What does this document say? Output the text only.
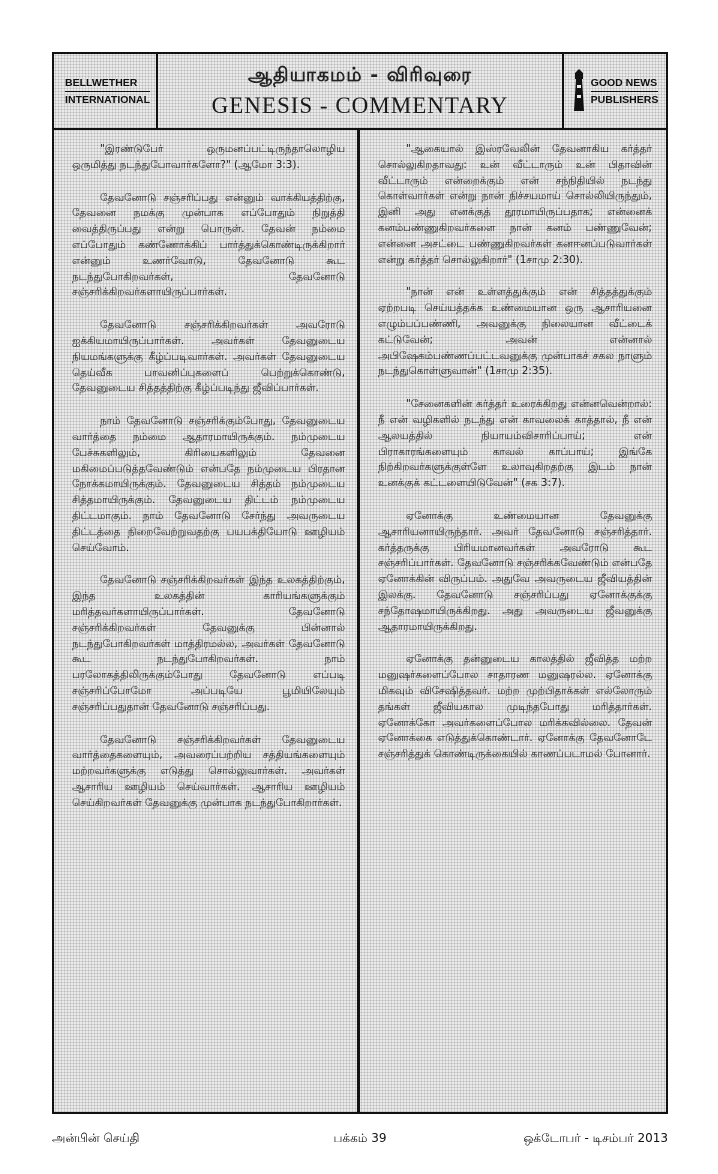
BELLWETHER
INTERNATIONAL
ஆதியாகமம் - விரிவுரை
GENESIS - COMMENTARY
GOOD NEWS
PUBLISHERS

"இரண்டுபேர் ஒருமனப்பட்டிருந்தாலொழிய ஒருமித்து நடந்துபோவார்களோ?" (ஆமோ 3:3).

தேவனோடு சஞ்சரிப்பது என்னும் வாக்கியத்திற்கு, தேவனை நமக்கு முன்பாக எப்போதும் நிறுத்தி வைத்திருப்பது என்று பொருள். தேவன் நம்மை எப்போதும் கண்ணோக்கிப் பார்த்துக்கொண்டிருக்கிறார் என்னும் உணர்வோடு, தேவனோடு கூட நடந்துபோகிறவர்கள், தேவனோடு சஞ்சரிக்கிறவர்களாயிருப்பார்கள்.

தேவனோடு சஞ்சரிக்கிறவர்கள் அவரோடு ஐக்கியமாயிருப்பார்கள். அவர்கள் தேவனுடைய நியமங்களுக்கு கீழ்ப்படிவார்கள். அவர்கள் தேவனுடைய தெய்வீக பாவனிப்புகளைப் பெற்றுக்கொண்டு, தேவனுடைய சித்தத்திற்கு கீழ்ப்படிந்து ஜீவிப்பார்கள்.

நாம் தேவனோடு சஞ்சரிக்கும்போது, தேவனுடைய வார்த்தை நம்மை ஆதாரமாயிருக்கும். நம்முடைய பேச்சுகளிலும், கிரியைகளிலும் தேவனை மகிமைப்படுத்தவேண்டும் என்பதே நம்முடைய பிரதான நோக்கமாயிருக்கும். தேவனுடைய சித்தம் நம்முடைய சித்தமாயிருக்கும். தேவனுடைய திட்டம் நம்முடைய திட்டமாகும். நாம் தேவனோடு சேர்ந்து அவருடைய திட்டத்தை நிறைவேற்றுவதற்கு பயபக்தியோடு ஊழியம் செய்வோம்.

தேவனோடு சஞ்சரிக்கிறவர்கள் இந்த உலகத்திற்கும், இந்த உலகத்தின் காரியங்களுக்கும் மரித்தவர்களாயிருப்பார்கள். தேவனோடு சஞ்சரிக்கிறவர்கள் தேவனுக்கு பின்னால் நடந்துபோகிறவர்கள் மாத்திரமல்ல, அவர்கள் தேவனோடு கூட நடந்துபோகிறவர்கள். நாம் பரலோகத்திலிருக்கும்போது தேவனோடு எப்படி சஞ்சரிப்போமோ அப்படியே பூமியிலேயும் சஞ்சரிப்பதுதான் தேவனோடு சஞ்சரிப்பது.

தேவனோடு சஞ்சரிக்கிறவர்கள் தேவனுடைய வார்த்தைகளையும், அவரைப்பற்றிய சத்தியங்களையும் மற்றவர்களுக்கு எடுத்து சொல்லுவார்கள். அவர்கள் ஆசாரிய ஊழியம் செய்வார்கள். ஆசாரிய ஊழியம் செய்கிறவர்கள் தேவனுக்கு முன்பாக நடந்துபோகிறார்கள்.

"ஆகையால் இஸ்ரவேலின் தேவனாகிய கர்த்தர் சொல்லுகிறதாவது: உன் வீட்டாரும் உன் பிதாவின் வீட்டாரும் என்றைக்கும் என் சந்நிதியில் நடந்து கொள்வார்கள் என்று நான் நிச்சயமாய் சொல்லியிருந்தும், இனி அது எனக்குத் தூரமாயிருப்பதாக; என்னைக் கனம்பண்ணுகிறவர்களை நான் கனம் பண்ணுவேன்; என்னை அசட்டை பண்ணுகிறவர்கள் கனஈனப்படுவார்கள் என்று கர்த்தர் சொல்லுகிறார்" (1சாமு 2:30).

"நான் என் உள்ளத்துக்கும் என் சித்தத்துக்கும் ஏற்றபடி செய்யத்தக்க உண்மையான ஒரு ஆசாரியனை எழும்பப்பண்ணி, அவனுக்கு நிலையான வீட்டைக் கட்டுவேன்; அவன் என்னால் அபிஷேகம்பண்ணப்பட்டவனுக்கு முன்பாகச் சகல நாளும் நடந்துகொள்ளுவான்" (1சாமு 2:35).

"சேனைகளின் கர்த்தர் உரைக்கிறது என்னவென்றால்: நீ என் வழிகளில் நடந்து என் காவலைக் காத்தால், நீ என் ஆலயத்தில் நியாயம்விசாரிப்பாய்; என் பிராகாரங்களையும் காவல் காப்பாய்; இங்கே நிற்கிறவர்களுக்குள்ளே உலாவுகிறதற்கு இடம் நான் உனக்குக் கட்டளையிடுவேன்" (சக 3:7).

ஏனோக்கு உண்மையான தேவனுக்கு ஆசாரியனாயிருந்தார். அவர் தேவனோடு சஞ்சரித்தார். கர்த்தருக்கு பிரியமானவர்கள் அவரோடு கூட சஞ்சரிப்பார்கள். தேவனோடு சஞ்சரிக்கவேண்டும் என்பதே ஏனோக்கின் விருப்பம். அதுவே அவருடைய ஜீவியத்தின் இலக்கு. தேவனோடு சஞ்சரிப்பது ஏனோக்குக்கு சந்தோஷமாயிருக்கிறது. அது அவருடைய ஜீவனுக்கு ஆதாரமாயிருக்கிறது.

ஏனோக்கு தன்னுடைய காலத்தில் ஜீவித்த மற்ற மனுஷர்களைப்போல சாதாரண மனுஷரல்ல. ஏனோக்கு மிகவும் விசேஷித்தவர். மற்ற முற்பிதாக்கள் எல்லோரும் தங்கள் ஜீவியகால முடிந்தபோது மரித்தார்கள். ஏனோக்கோ அவர்களைப்போல மரிக்கவில்லை. தேவன் ஏனோக்கை எடுத்துக்கொண்டார். ஏனோக்கு தேவனோடே சஞ்சரித்துக் கொண்டிருக்கையில் காணப்படாமல் போனார்.

அன்பின் செய்தி	பக்கம் 39	ஒக்டோபர் - டிசம்பர் 2013
